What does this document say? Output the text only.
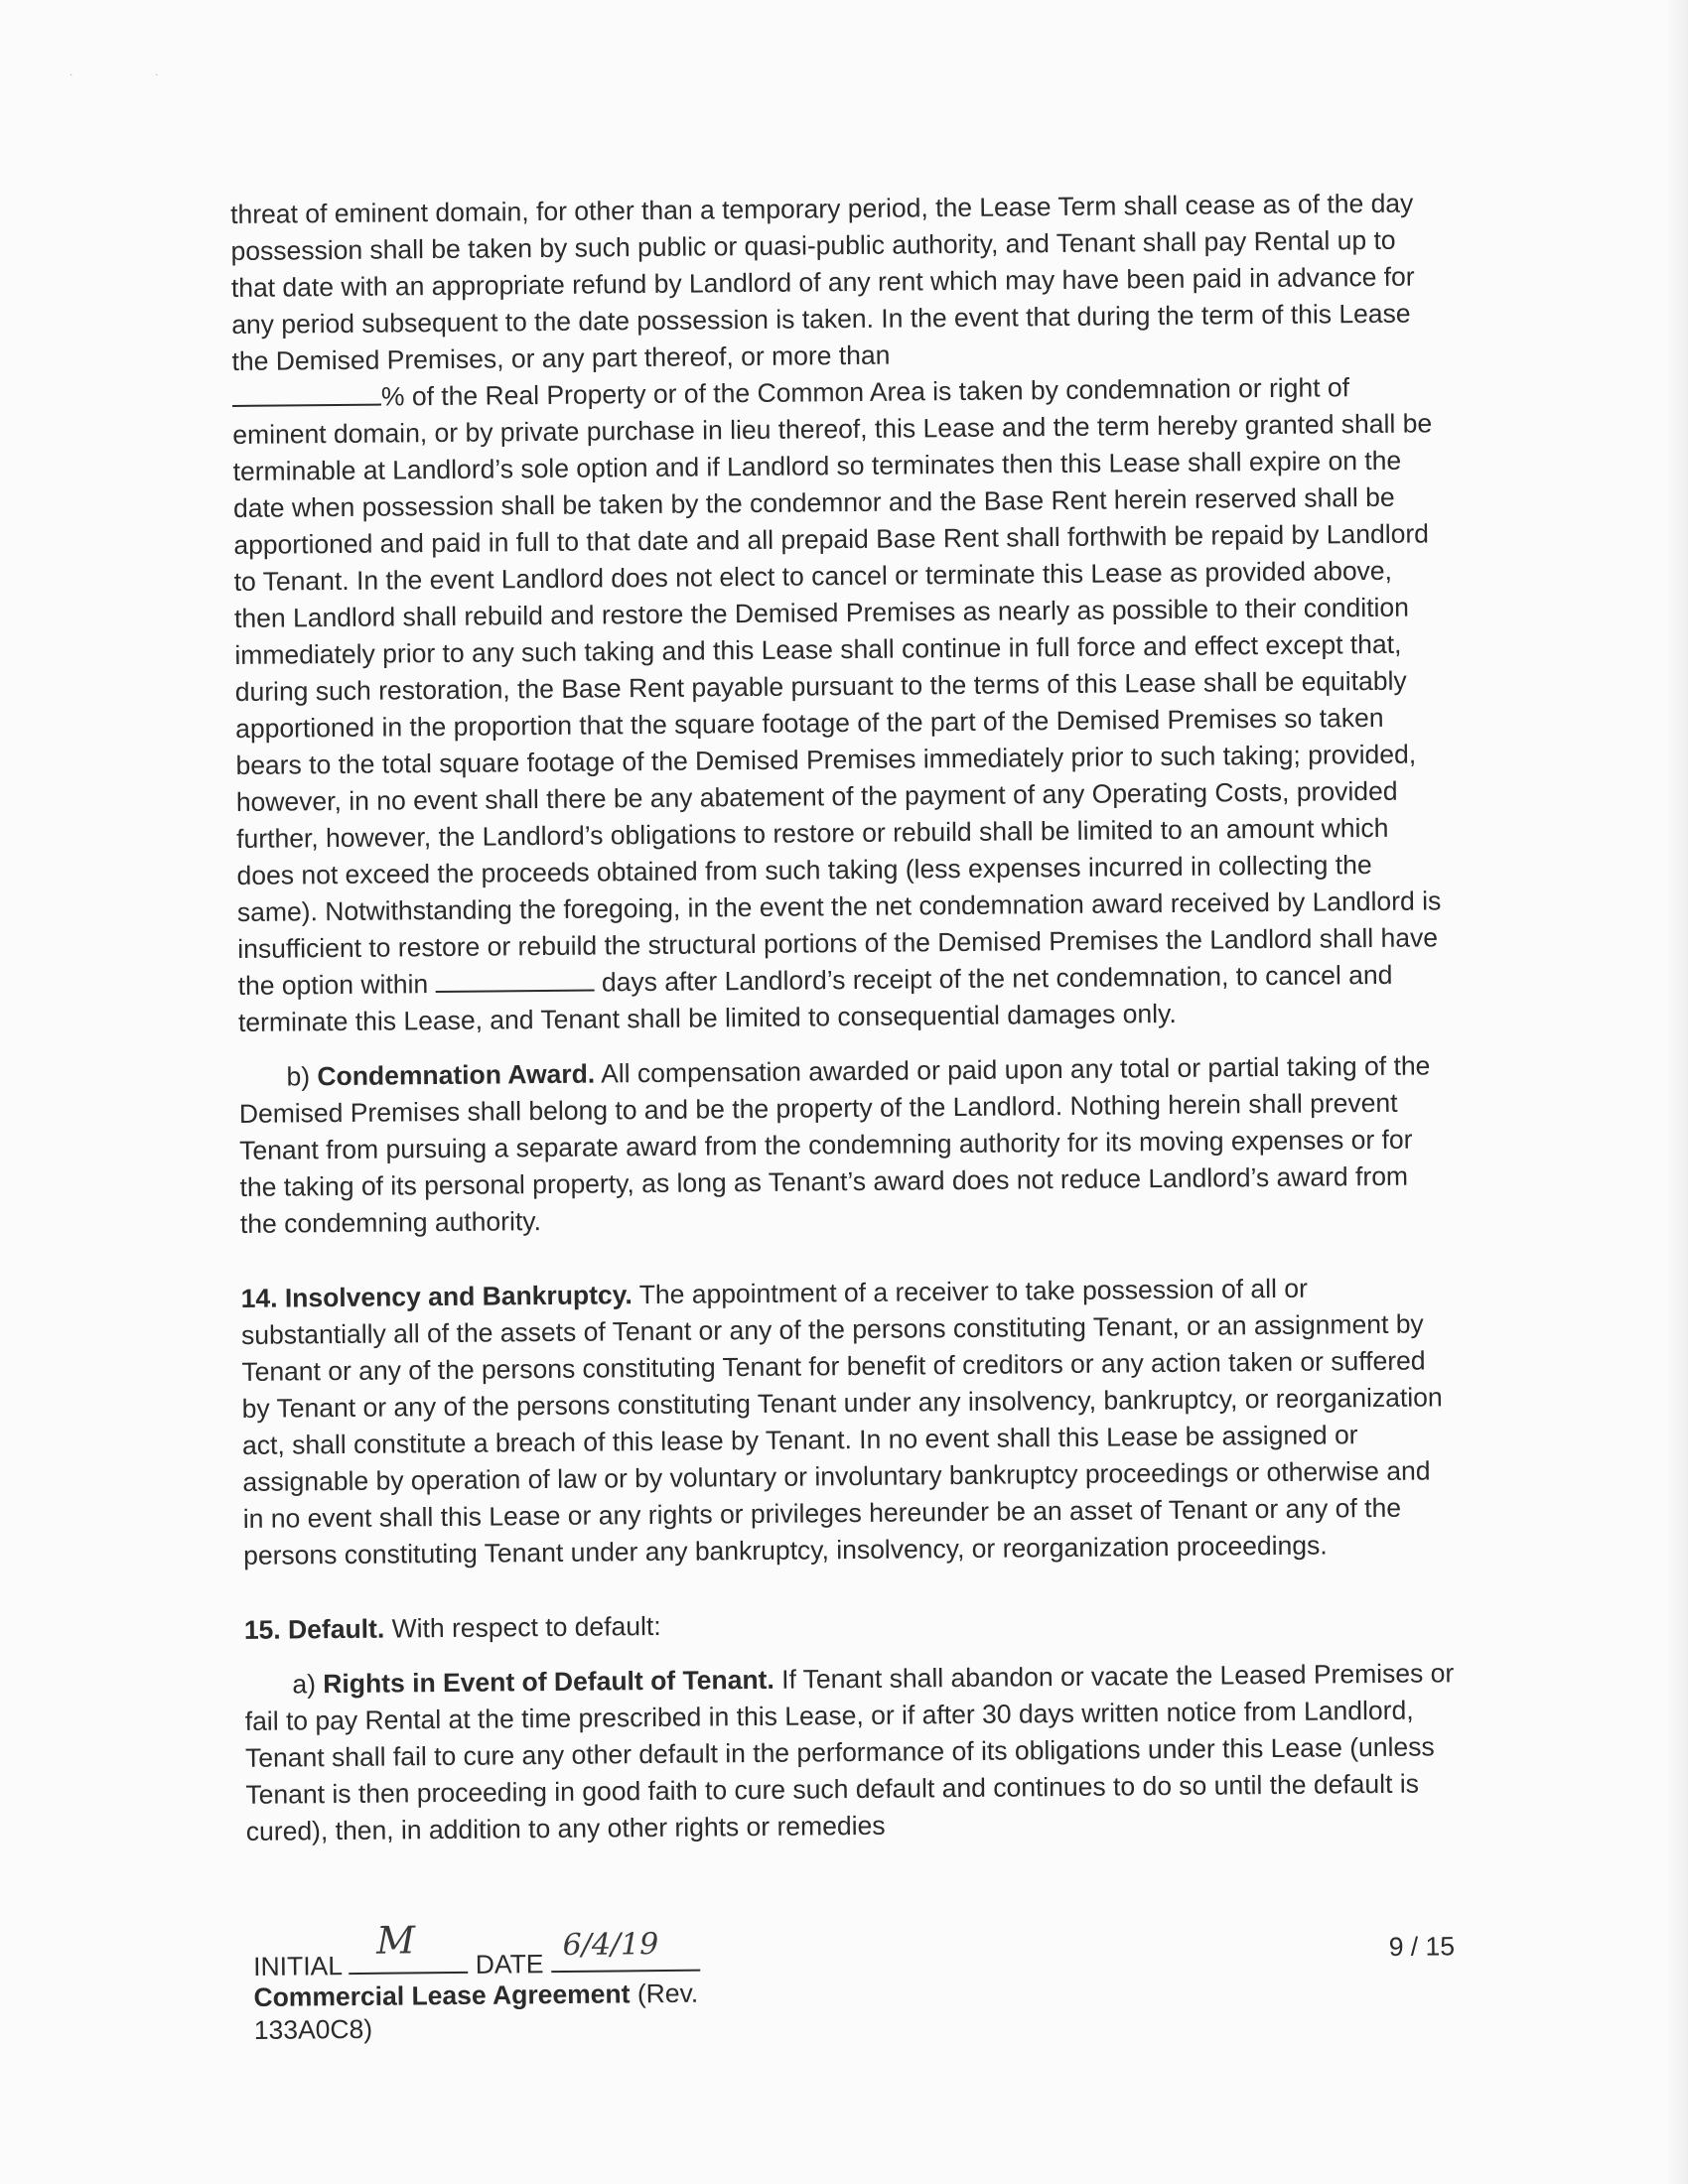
· ·

threat of eminent domain, for other than a temporary period, the Lease Term shall cease as of the day possession shall be taken by such public or quasi-public authority, and Tenant shall pay Rental up to that date with an appropriate refund by Landlord of any rent which may have been paid in advance for any period subsequent to the date possession is taken. In the event that during the term of this Lease the Demised Premises, or any part thereof, or more than
% of the Real Property or of the Common Area is taken by condemnation or right of eminent domain, or by private purchase in lieu thereof, this Lease and the term hereby granted shall be terminable at Landlord’s sole option and if Landlord so terminates then this Lease shall expire on the date when possession shall be taken by the condemnor and the Base Rent herein reserved shall be apportioned and paid in full to that date and all prepaid Base Rent shall forthwith be repaid by Landlord to Tenant. In the event Landlord does not elect to cancel or terminate this Lease as provided above, then Landlord shall rebuild and restore the Demised Premises as nearly as possible to their condition immediately prior to any such taking and this Lease shall continue in full force and effect except that, during such restoration, the Base Rent payable pursuant to the terms of this Lease shall be equitably apportioned in the proportion that the square footage of the part of the Demised Premises so taken bears to the total square footage of the Demised Premises immediately prior to such taking; provided, however, in no event shall there be any abatement of the payment of any Operating Costs, provided further, however, the Landlord’s obligations to restore or rebuild shall be limited to an amount which does not exceed the proceeds obtained from such taking (less expenses incurred in collecting the same). Notwithstanding the foregoing, in the event the net condemnation award received by Landlord is insufficient to restore or rebuild the structural portions of the Demised Premises the Landlord shall have the option within	days after Landlord’s receipt of the net condemnation, to cancel and terminate this Lease, and Tenant shall be limited to consequential damages only.

b) Condemnation Award. All compensation awarded or paid upon any total or partial taking of the Demised Premises shall belong to and be the property of the Landlord. Nothing herein shall prevent Tenant from pursuing a separate award from the condemning authority for its moving expenses or for the taking of its personal property, as long as Tenant’s award does not reduce Landlord’s award from the condemning authority.

14. Insolvency and Bankruptcy. The appointment of a receiver to take possession of all or substantially all of the assets of Tenant or any of the persons constituting Tenant, or an assignment by Tenant or any of the persons constituting Tenant for benefit of creditors or any action taken or suffered by Tenant or any of the persons constituting Tenant under any insolvency, bankruptcy, or reorganization act, shall constitute a breach of this lease by Tenant. In no event shall this Lease be assigned or assignable by operation of law or by voluntary or involuntary bankruptcy proceedings or otherwise and in no event shall this Lease or any rights or privileges hereunder be an asset of Tenant or any of the persons constituting Tenant under any bankruptcy, insolvency, or reorganization proceedings.

15. Default. With respect to default:

a) Rights in Event of Default of Tenant. If Tenant shall abandon or vacate the Leased Premises or fail to pay Rental at the time prescribed in this Lease, or if after 30 days written notice from Landlord, Tenant shall fail to cure any other default in the performance of its obligations under this Lease (unless Tenant is then proceeding in good faith to cure such default and continues to do so until the default is cured), then, in addition to any other rights or remedies

INITIAL
M
DATE
6/4/19	9 / 15
Commercial Lease Agreement (Rev. 133A0C8)
